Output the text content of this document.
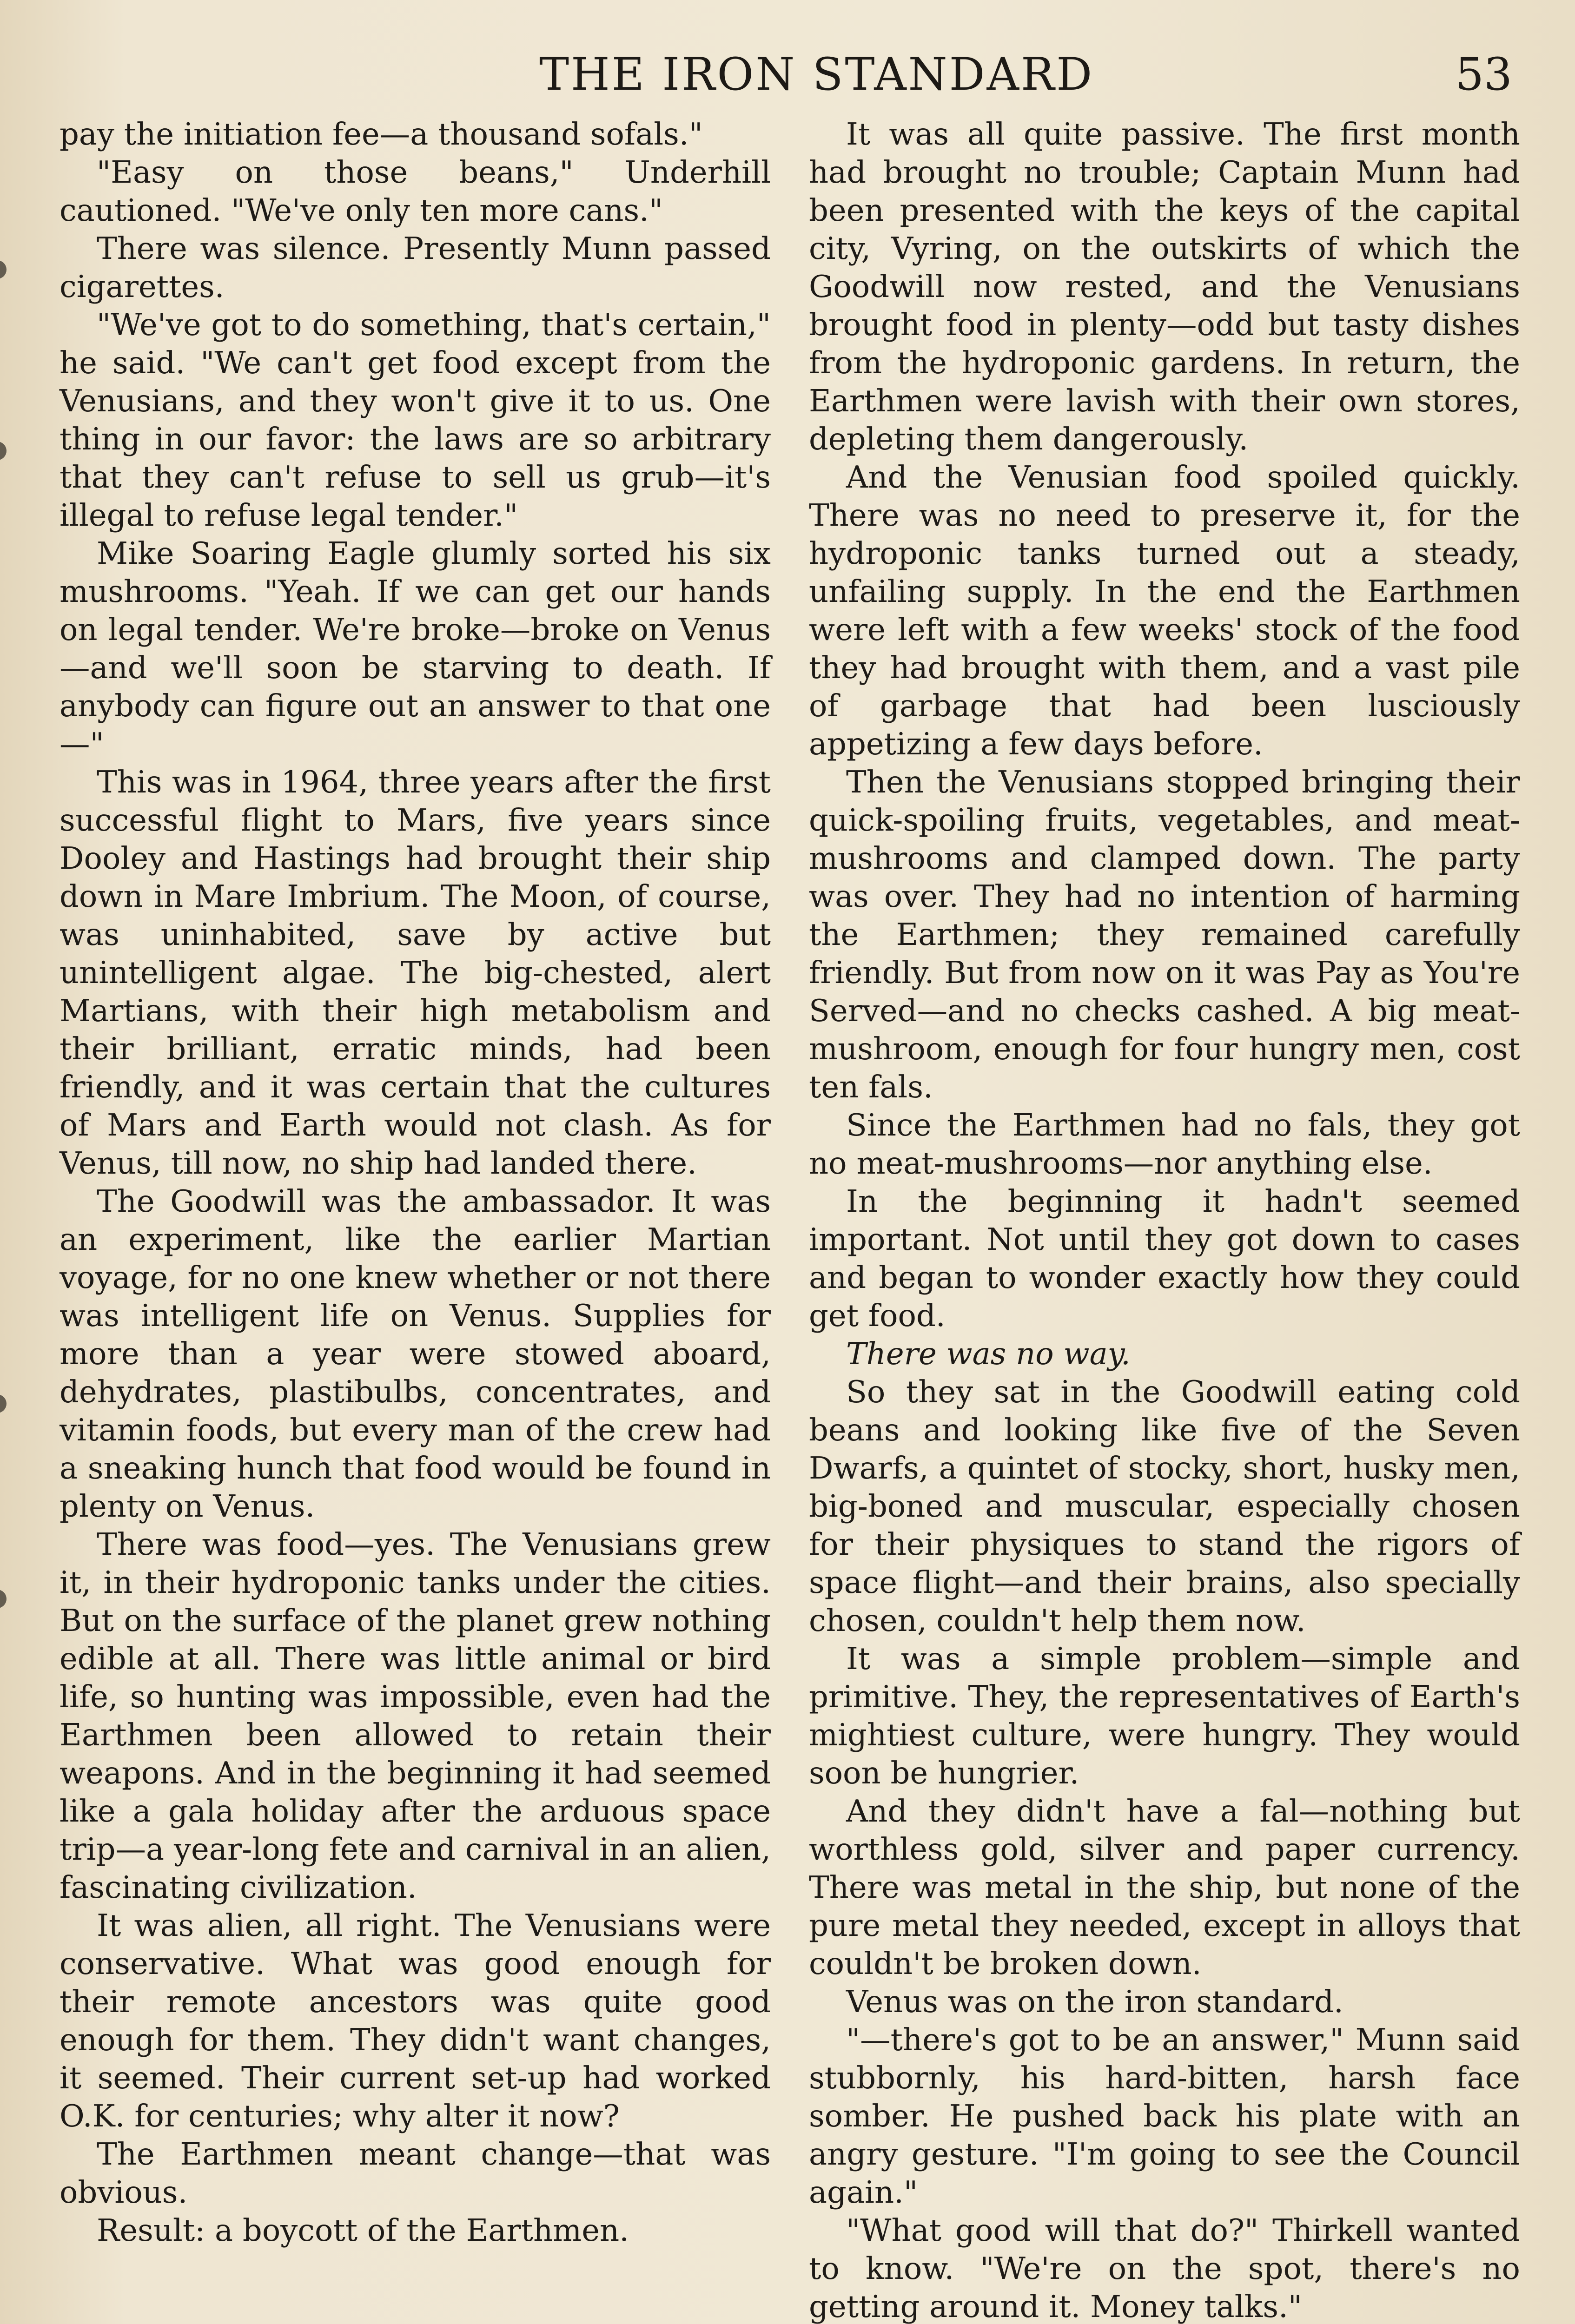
THE IRON STANDARD	53

pay the initiation fee—a thousand sofals."

"Easy on those beans," Underhill cautioned. "We've only ten more cans."

There was silence. Presently Munn passed cigarettes.

"We've got to do something, that's certain," he said. "We can't get food except from the Venusians, and they won't give it to us. One thing in our favor: the laws are so arbitrary that they can't refuse to sell us grub—it's illegal to refuse legal tender."

Mike Soaring Eagle glumly sorted his six mushrooms. "Yeah. If we can get our hands on legal tender. We're broke—broke on Venus—and we'll soon be starving to death. If anybody can figure out an answer to that one—"

This was in 1964, three years after the first successful flight to Mars, five years since Dooley and Hastings had brought their ship down in Mare Imbrium. The Moon, of course, was uninhabited, save by active but unintelligent algae. The big-chested, alert Martians, with their high metabolism and their brilliant, erratic minds, had been friendly, and it was certain that the cultures of Mars and Earth would not clash. As for Venus, till now, no ship had landed there.

The Goodwill was the ambassador. It was an experiment, like the earlier Martian voyage, for no one knew whether or not there was intelligent life on Venus. Supplies for more than a year were stowed aboard, dehydrates, plastibulbs, concentrates, and vitamin foods, but every man of the crew had a sneaking hunch that food would be found in plenty on Venus.

There was food—yes. The Venusians grew it, in their hydroponic tanks under the cities. But on the surface of the planet grew nothing edible at all. There was little animal or bird life, so hunting was impossible, even had the Earthmen been allowed to retain their weapons. And in the beginning it had seemed like a gala holiday after the arduous space trip—a year-long fete and carnival in an alien, fascinating civilization.

It was alien, all right. The Venusians were conservative. What was good enough for their remote ancestors was quite good enough for them. They didn't want changes, it seemed. Their current set-up had worked O.K. for centuries; why alter it now?

The Earthmen meant change—that was obvious.

Result: a boycott of the Earthmen.

It was all quite passive. The first month had brought no trouble; Captain Munn had been presented with the keys of the capital city, Vyring, on the outskirts of which the Goodwill now rested, and the Venusians brought food in plenty—odd but tasty dishes from the hydroponic gardens. In return, the Earthmen were lavish with their own stores, depleting them dangerously.

And the Venusian food spoiled quickly. There was no need to preserve it, for the hydroponic tanks turned out a steady, unfailing supply. In the end the Earthmen were left with a few weeks' stock of the food they had brought with them, and a vast pile of garbage that had been lusciously appetizing a few days before.

Then the Venusians stopped bringing their quick-spoiling fruits, vegetables, and meat-mushrooms and clamped down. The party was over. They had no intention of harming the Earthmen; they remained carefully friendly. But from now on it was Pay as You're Served—and no checks cashed. A big meat-mushroom, enough for four hungry men, cost ten fals.

Since the Earthmen had no fals, they got no meat-mushrooms—nor anything else.

In the beginning it hadn't seemed important. Not until they got down to cases and began to wonder exactly how they could get food.

There was no way.

So they sat in the Goodwill eating cold beans and looking like five of the Seven Dwarfs, a quintet of stocky, short, husky men, big-boned and muscular, especially chosen for their physiques to stand the rigors of space flight—and their brains, also specially chosen, couldn't help them now.

It was a simple problem—simple and primitive. They, the representatives of Earth's mightiest culture, were hungry. They would soon be hungrier.

And they didn't have a fal—nothing but worthless gold, silver and paper currency. There was metal in the ship, but none of the pure metal they needed, except in alloys that couldn't be broken down.

Venus was on the iron standard.

"—there's got to be an answer," Munn said stubbornly, his hard-bitten, harsh face somber. He pushed back his plate with an angry gesture. "I'm going to see the Council again."

"What good will that do?" Thirkell wanted to know. "We're on the spot, there's no getting around it. Money talks."
